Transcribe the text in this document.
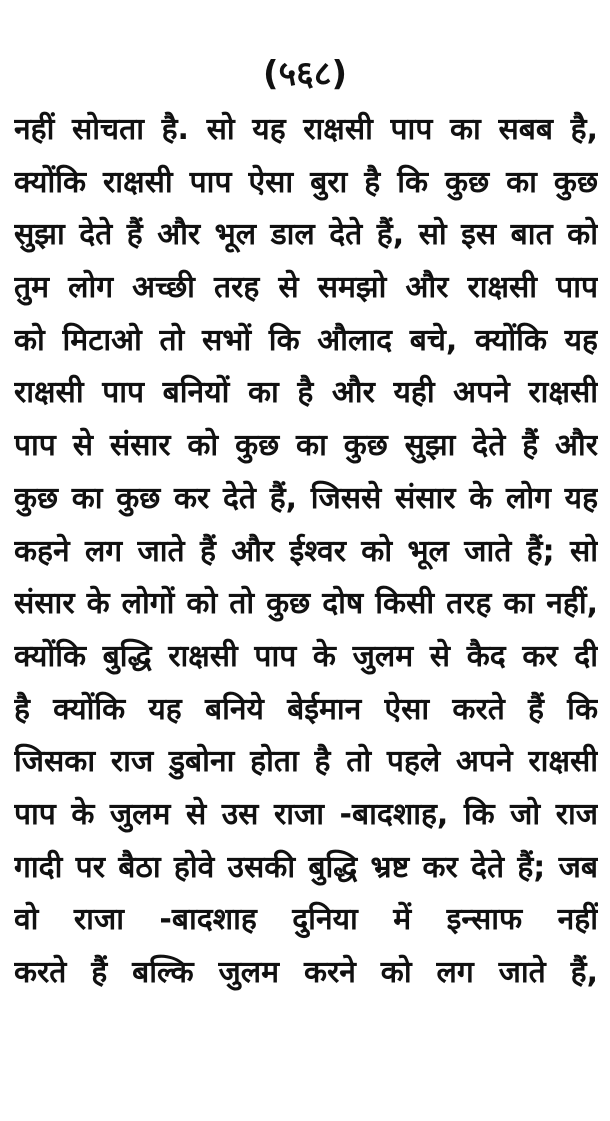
(५६८)
नहीं सोचता है. सो यह राक्षसी पाप का सबब है,
क्योंकि राक्षसी पाप ऐसा बुरा है कि कुछ का कुछ
सुझा देते हैं और भूल डाल देते हैं, सो इस बात को
तुम लोग अच्छी तरह से समझो और राक्षसी पाप
को मिटाओ तो सभों कि औलाद बचे, क्योंकि यह
राक्षसी पाप बनियों का है और यही अपने राक्षसी
पाप से संसार को कुछ का कुछ सुझा देते हैं और
कुछ का कुछ कर देते हैं, जिससे संसार के लोग यह
कहने लग जाते हैं और ईश्वर को भूल जाते हैं; सो
संसार के लोगों को तो कुछ दोष किसी तरह का नहीं,
क्योंकि बुद्धि राक्षसी पाप के जुलम से कैद कर दी
है क्योंकि यह बनिये बेईमान ऐसा करते हैं कि
जिसका राज डुबोना होता है तो पहले अपने राक्षसी
पाप के जुलम से उस राजा -बादशाह, कि जो राज
गादी पर बैठा होवे उसकी बुद्धि भ्रष्ट कर देते हैं; जब
वो राजा -बादशाह दुनिया में इन्साफ नहीं
करते हैं बल्कि जुलम करने को लग जाते हैं,
